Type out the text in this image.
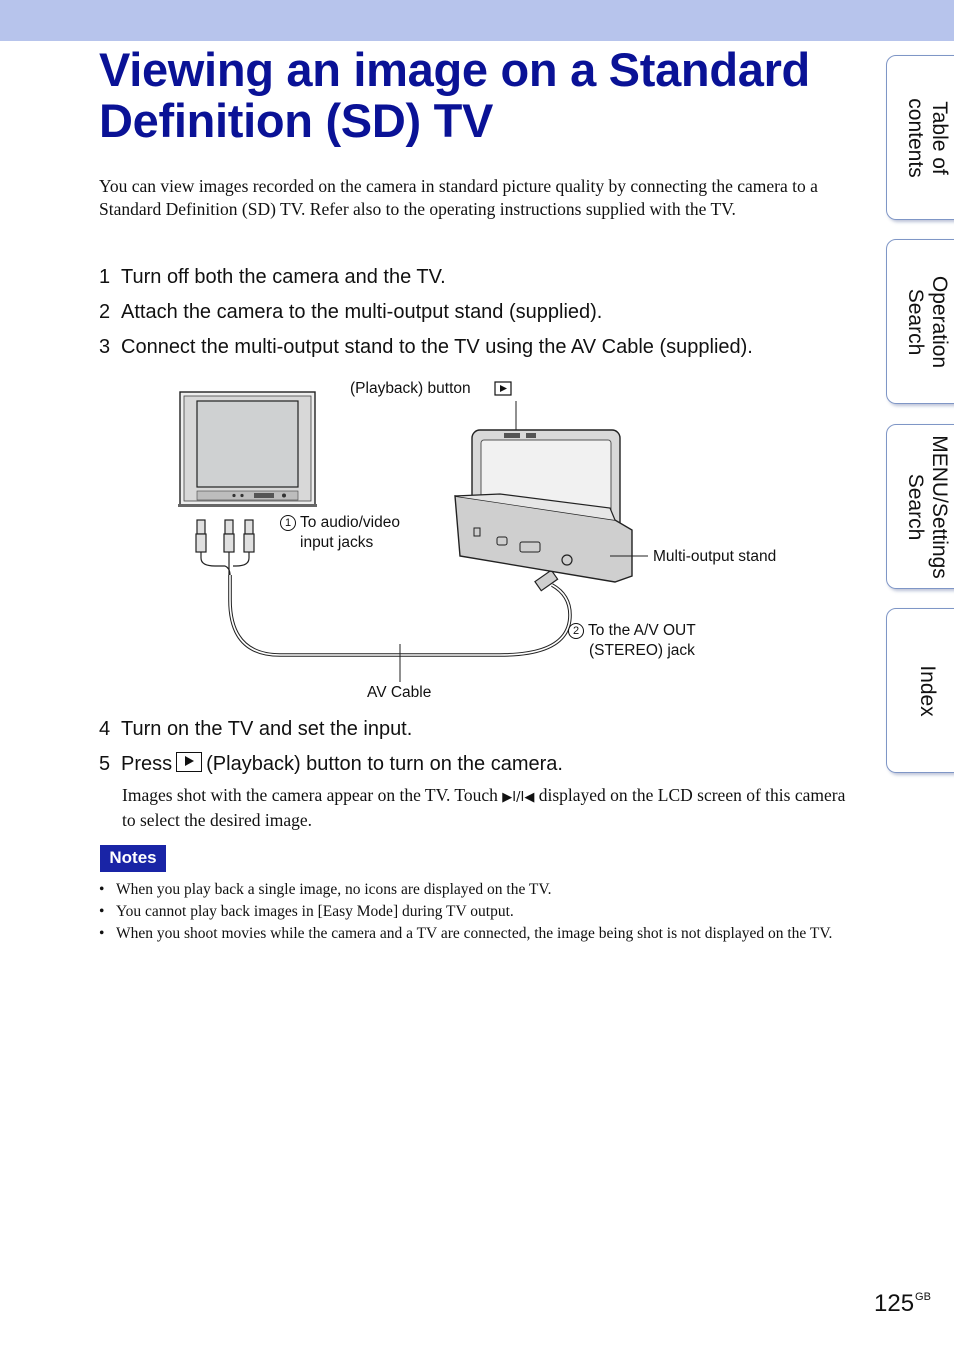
Viewing an image on a Standard Definition (SD) TV

You can view images recorded on the camera in standard picture quality by connecting the camera to a Standard Definition (SD) TV. Refer also to the operating instructions supplied with the TV.

1 Turn off both the camera and the TV.
2 Attach the camera to the multi-output stand (supplied).
3 Connect the multi-output stand to the TV using the AV Cable (supplied).
(Playback) button
1 To audio/video
input jacks
Multi-output stand
2 To the A/V OUT
(STEREO) jack
AV Cable
4 Turn on the TV and set the input.
5 Press (Playback) button to turn on the camera.

Images shot with the camera appear on the TV. Touch ▶I/I◀ displayed on the LCD screen of this camera to select the desired image.

Notes
• When you play back a single image, no icons are displayed on the TV.
• You cannot play back images in [Easy Mode] during TV output.
• When you shoot movies while the camera and a TV are connected, the image being shot is not displayed on the TV.
Table of
contents
Operation
Search
MENU/Settings
Search
Index
$125^{GB}$
